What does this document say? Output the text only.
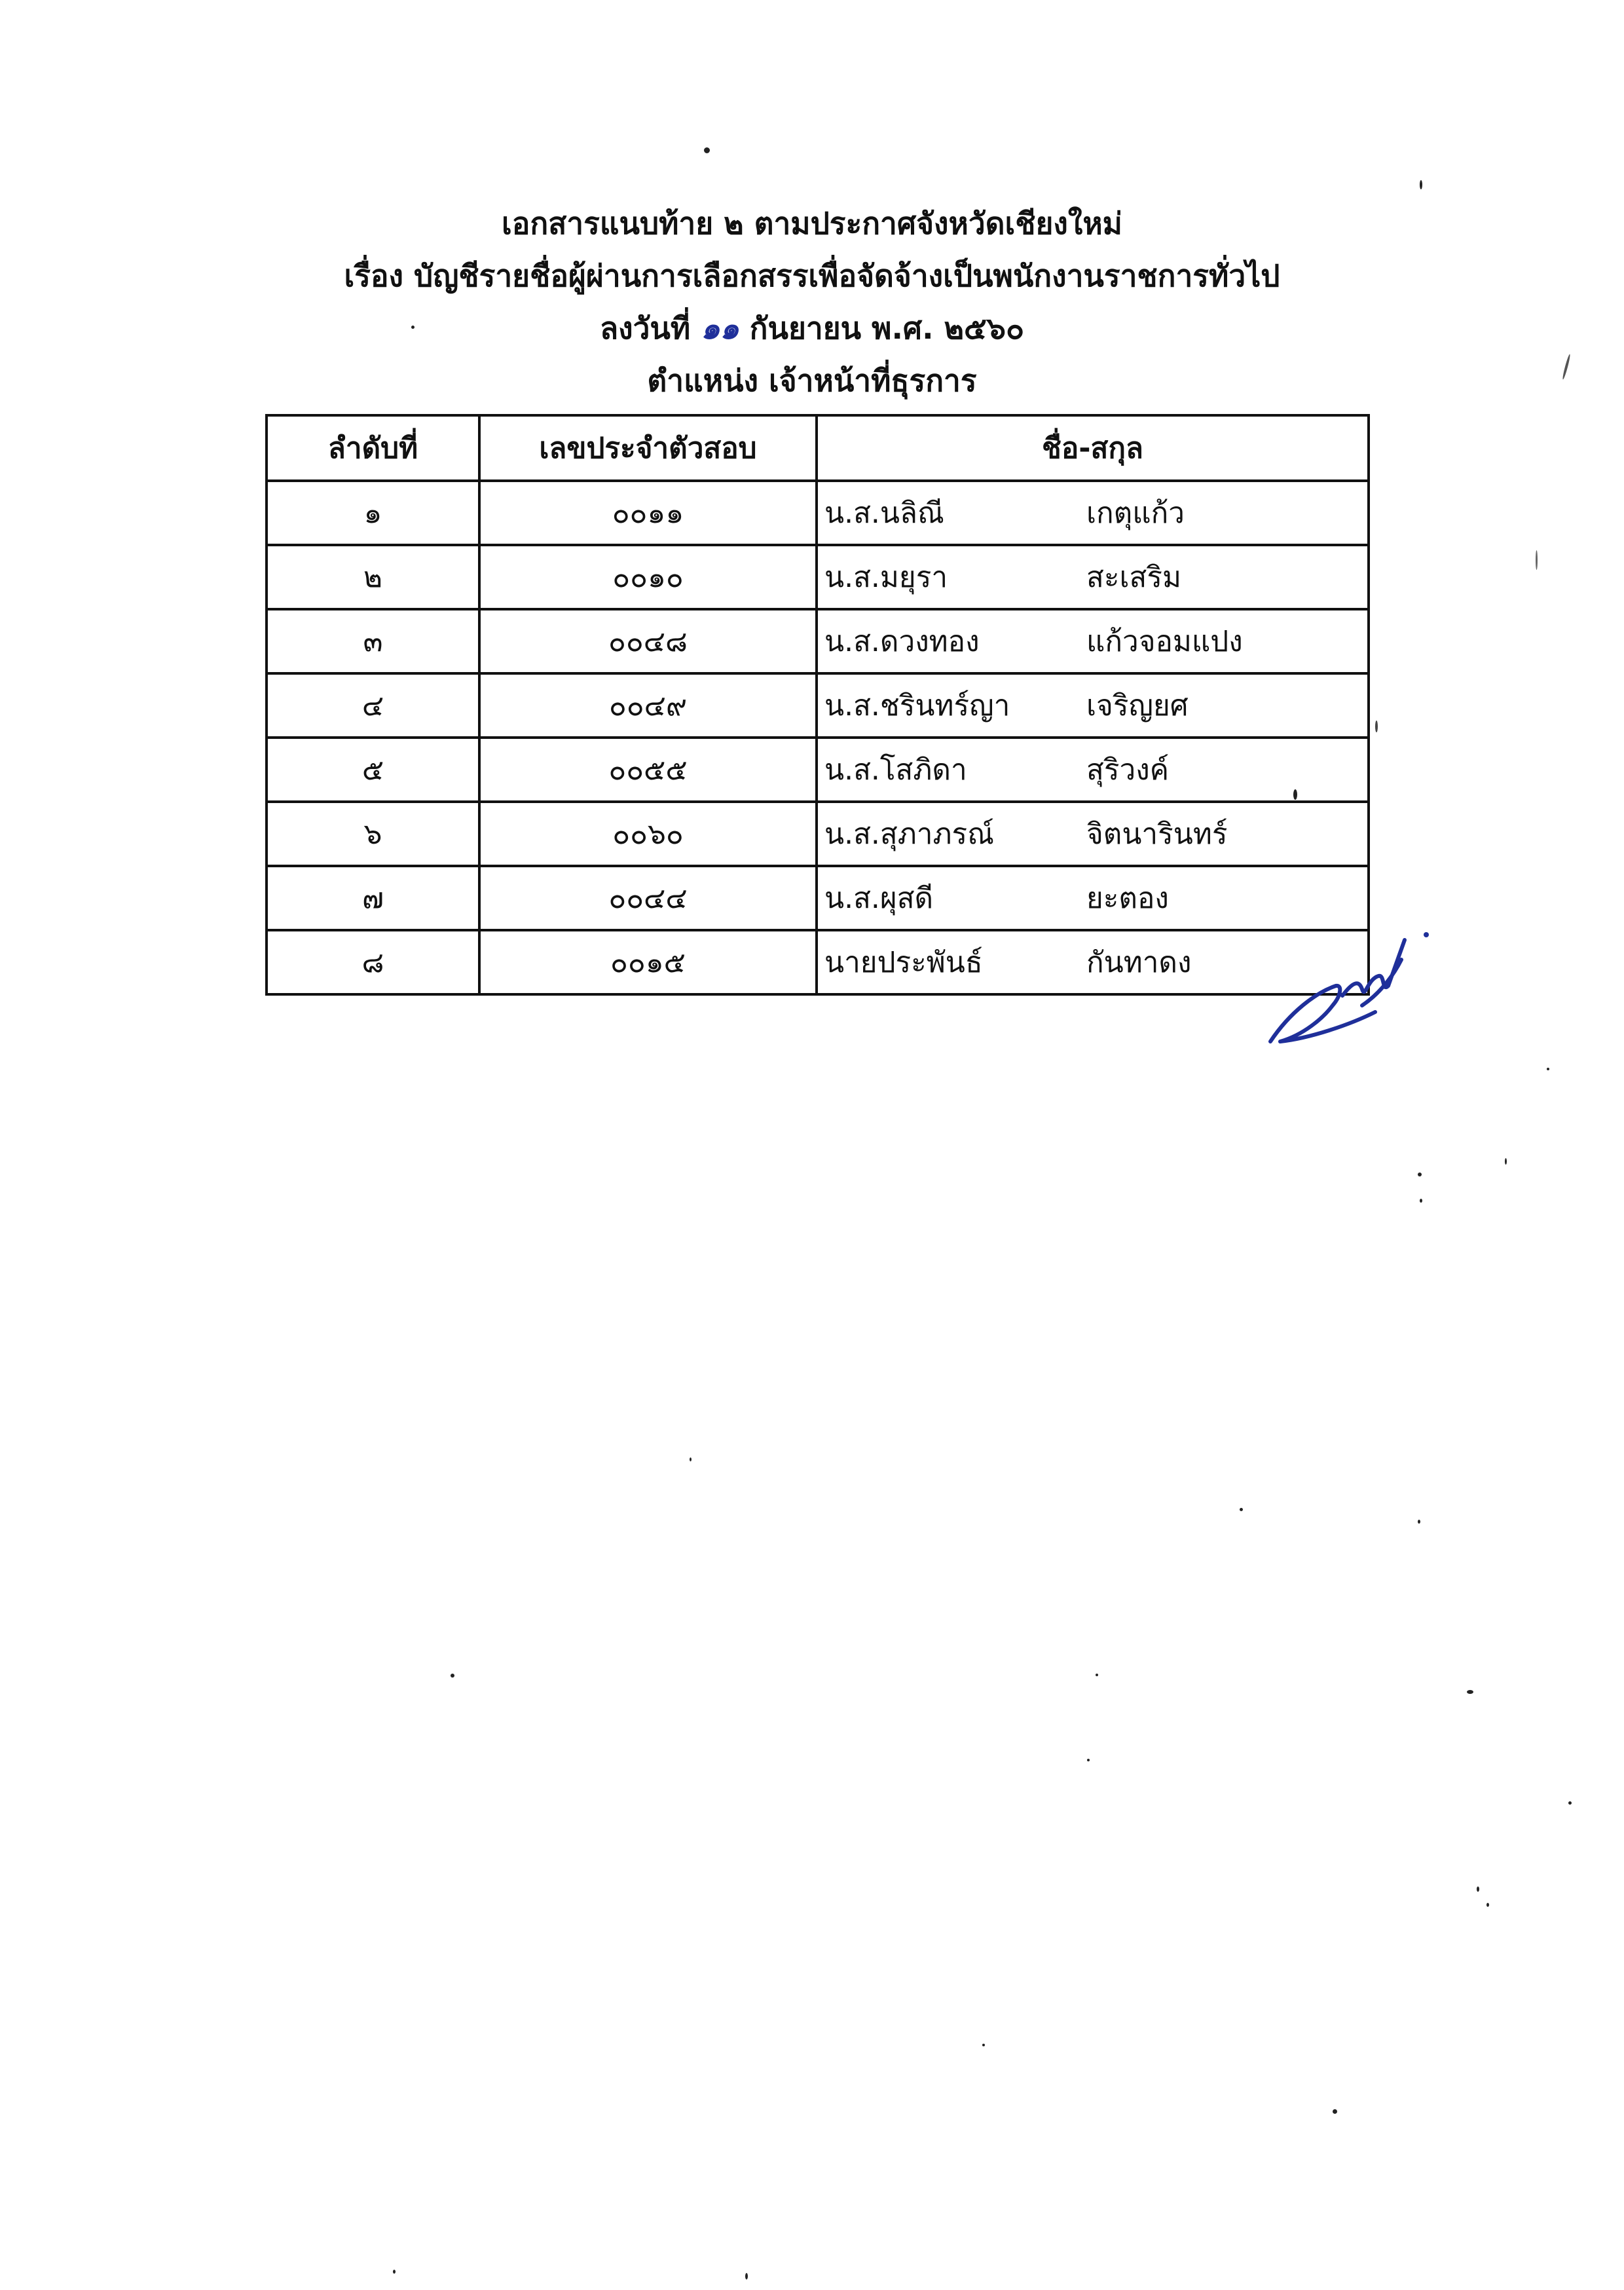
เอกสารแนบท้าย ๒ ตามประกาศจังหวัดเชียงใหม่
เรื่อง บัญชีรายชื่อผู้ผ่านการเลือกสรรเพื่อจัดจ้างเป็นพนักงานราชการทั่วไป
ลงวันที่ ๑๑ กันยายน พ.ศ. ๒๕๖๐
ตำแหน่ง เจ้าหน้าที่ธุรการ
ลำดับที่	เลขประจำตัวสอบ	ชื่อ-สกุล
๑	๐๐๑๑	น.ส.นลิณี เกตุแก้ว
๒	๐๐๑๐	น.ส.มยุรา สะเสริม
๓	๐๐๔๘	น.ส.ดวงทอง แก้วจอมแปง
๔	๐๐๔๙	น.ส.ชรินทร์ญา เจริญยศ
๕	๐๐๕๕	น.ส.โสภิดา สุริวงค์
๖	๐๐๖๐	น.ส.สุภาภรณ์ จิตนารินทร์
๗	๐๐๔๔	น.ส.ผุสดี ยะตอง
๘	๐๐๑๕	นายประพันธ์ กันทาดง
